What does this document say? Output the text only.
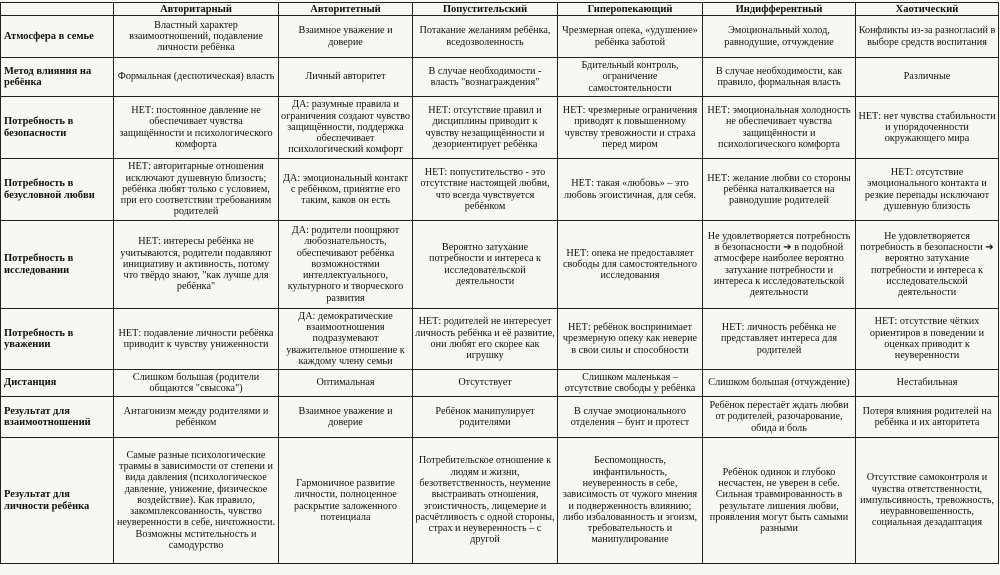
	Авторитарный	Авторитетный	Попустительский	Гиперопекающий	Индифферентный	Хаотический
Атмосфера в семье	Властный характер взаимоотношений, подавление личности ребёнка	Взаимное уважение и доверие	Потакание желаниям ребёнка, вседозволенность	Чрезмерная опека, «удушение» ребёнка заботой	Эмоциональный холод, равнодушие, отчуждение	Конфликты из-за разногласий в выборе средств воспитания
Метод влияния на ребёнка	Формальная (деспотическая) власть	Личный авторитет	В случае необходимости - власть "вознаграждения"	Бдительный контроль, ограничение самостоятельности	В случае необходимости, как правило, формальная власть	Различные
Потребность в безопасности	НЕТ: постоянное давление не обеспечивает чувства защищённости и психологического комфорта	ДА: разумные правила и ограничения создают чувство защищённости, поддержка обеспечивает психологический комфорт	НЕТ: отсутствие правил и дисциплины приводит к чувству незащищённости и дезориентирует ребёнка	НЕТ: чрезмерные ограничения приводят к повышенному чувству тревожности и страха перед миром	НЕТ: эмоциональная холодность не обеспечивает чувства защищённости и психологического комфорта	НЕТ: нет чувства стабильности и упорядоченности окружающего мира
Потребность в безусловной любви	НЕТ: авторитарные отношения исключают душевную близость; ребёнка любят только с условием, при его соответствии требованиям родителей	ДА: эмоциональный контакт с ребёнком, принятие его таким, каков он есть	НЕТ: попустительство - это отсутствие настоящей любви, что всегда чувствуется ребёнком	НЕТ: такая «любовь» – это любовь эгоистичная, для себя.	НЕТ: желание любви со стороны ребёнка наталкивается на равнодушие родителей	НЕТ: отсутствие эмоционального контакта и резкие перепады исключают душевную близость
Потребность в исследовании	НЕТ: интересы ребёнка не учитываются, родители подавляют инициативу и активность, потому что твёрдо знают, "как лучше для ребёнка"	ДА: родители поощряют любознательность, обеспечивают ребёнка возможностями интеллектуального, культурного и творческого развития	Вероятно затухание потребности и интереса к исследовательской деятельности	НЕТ: опека не предоставляет свободы для самостоятельного исследования	Не удовлетворяется потребность в безопасности ➔ в подобной атмосфере наиболее вероятно затухание потребности и интереса к исследовательской деятельности	Не удовлетворяется потребность в безопасности ➔ вероятно затухание потребности и интереса к исследовательской деятельности
Потребность в уважении	НЕТ: подавление личности ребёнка приводит к чувству униженности	ДА: демократические взаимоотношения подразумевают уважительное отношение к каждому члену семьи	НЕТ: родителей не интересует личность ребёнка и её развитие, они любят его скорее как игрушку	НЕТ: ребёнок воспринимает чрезмерную опеку как неверие в свои силы и способности	НЕТ: личность ребёнка не представляет интереса для родителей	НЕТ: отсутствие чётких ориентиров в поведении и оценках приводит к неуверенности
Дистанция	Слишком большая (родители общаются "свысока")	Оптимальная	Отсутствует	Слишком маленькая – отсутствие свободы у ребёнка	Слишком большая (отчуждение)	Нестабильная
Результат для взаимоотношений	Антагонизм между родителями и ребёнком	Взаимное уважение и доверие	Ребёнок манипулирует родителями	В случае эмоционального отделения – бунт и протест	Ребёнок перестаёт ждать любви от родителей, разочарование, обида и боль	Потеря влияния родителей на ребёнка и их авторитета
Результат для личности ребёнка	Самые разные психологические травмы в зависимости от степени и вида давления (психологическое давление, унижение, физическое воздействие). Как правило, закомплексованность, чувство неуверенности в себе, ничтожности. Возможны мстительность и самодурство	Гармоничное развитие личности, полноценное раскрытие заложенного потенциала	Потребительское отношение к людям и жизни, безответственность, неумение выстраивать отношения, эгоистичность, лицемерие и расчётливость с одной стороны, страх и неуверенность – с другой	Беспомощность, инфантильность, неуверенность в себе, зависимость от чужого мнения и подверженность влиянию; либо избалованность и эгоизм, требовательность и манипулирование	Ребёнок одинок и глубоко несчастен, не уверен в себе. Сильная травмированность в результате лишения любви, проявления могут быть самыми разными	Отсутствие самоконтроля и чувства ответственности, импульсивность, тревожность, неуравновешенность, социальная дезадаптация
